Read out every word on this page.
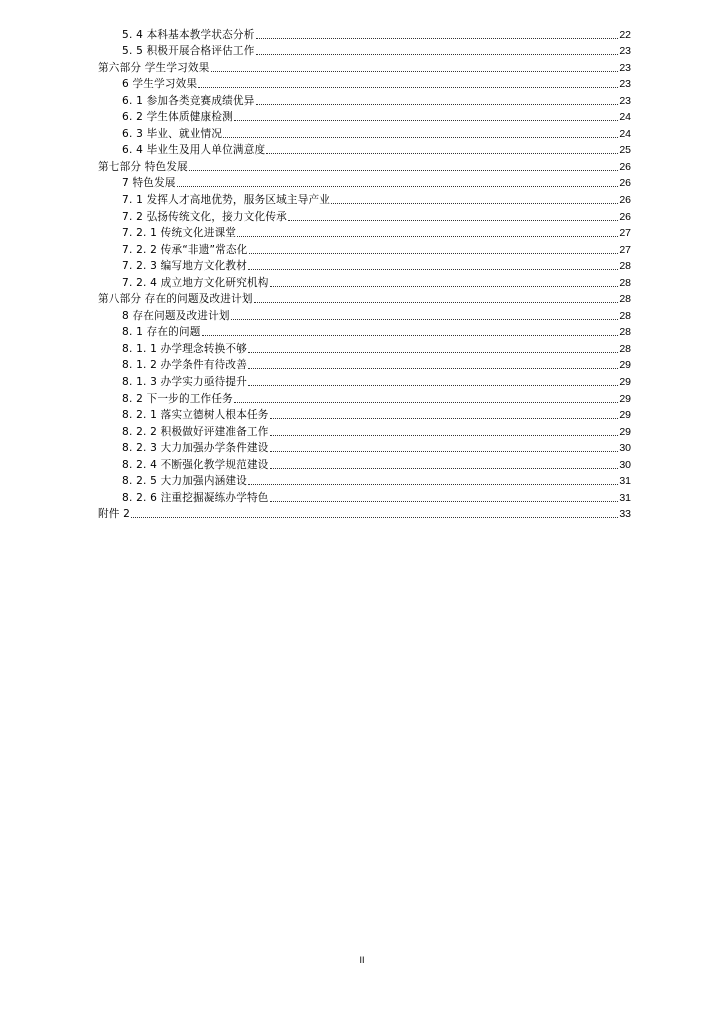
5. 4 本科基本教学状态分析	22
5. 5 积极开展合格评估工作	23
第六部分 学生学习效果	23
6 学生学习效果	23
6. 1 参加各类竞赛成绩优异	23
6. 2 学生体质健康检测	24
6. 3 毕业、就业情况	24
6. 4 毕业生及用人单位满意度	25
第七部分 特色发展	26
7 特色发展	26
7. 1 发挥人才高地优势，服务区域主导产业	26
7. 2 弘扬传统文化，接力文化传承	26
7. 2. 1 传统文化进课堂	27
7. 2. 2 传承“非遗”常态化	27
7. 2. 3 编写地方文化教材	28
7. 2. 4 成立地方文化研究机构	28
第八部分 存在的问题及改进计划	28
8 存在问题及改进计划	28
8. 1 存在的问题	28
8. 1. 1 办学理念转换不够	28
8. 1. 2 办学条件有待改善	29
8. 1. 3 办学实力亟待提升	29
8. 2 下一步的工作任务	29
8. 2. 1 落实立德树人根本任务	29
8. 2. 2 积极做好评建准备工作	29
8. 2. 3 大力加强办学条件建设	30
8. 2. 4 不断强化教学规范建设	30
8. 2. 5 大力加强内涵建设	31
8. 2. 6 注重挖掘凝练办学特色	31
附件 2	33
II
